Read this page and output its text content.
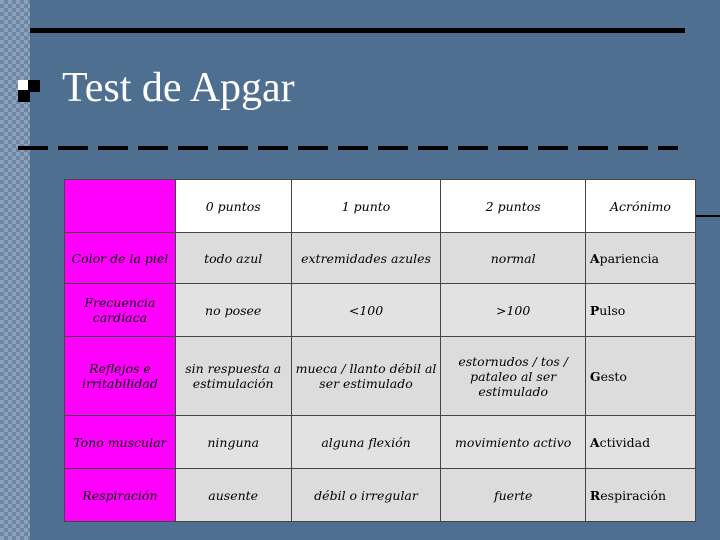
Test de Apgar
	0 puntos	1 punto	2 puntos	Acrónimo
Color de la piel	todo azul	extremidades azules	normal	Apariencia
Frecuencia cardíaca	no posee	<100	>100	Pulso
Reflejos e irritabilidad	sin respuesta a estimulación	mueca / llanto débil al ser estimulado	estornudos / tos / pataleo al ser estimulado	Gesto
Tono muscular	ninguna	alguna flexión	movimiento activo	Actividad
Respiración	ausente	débil o irregular	fuerte	Respiración
